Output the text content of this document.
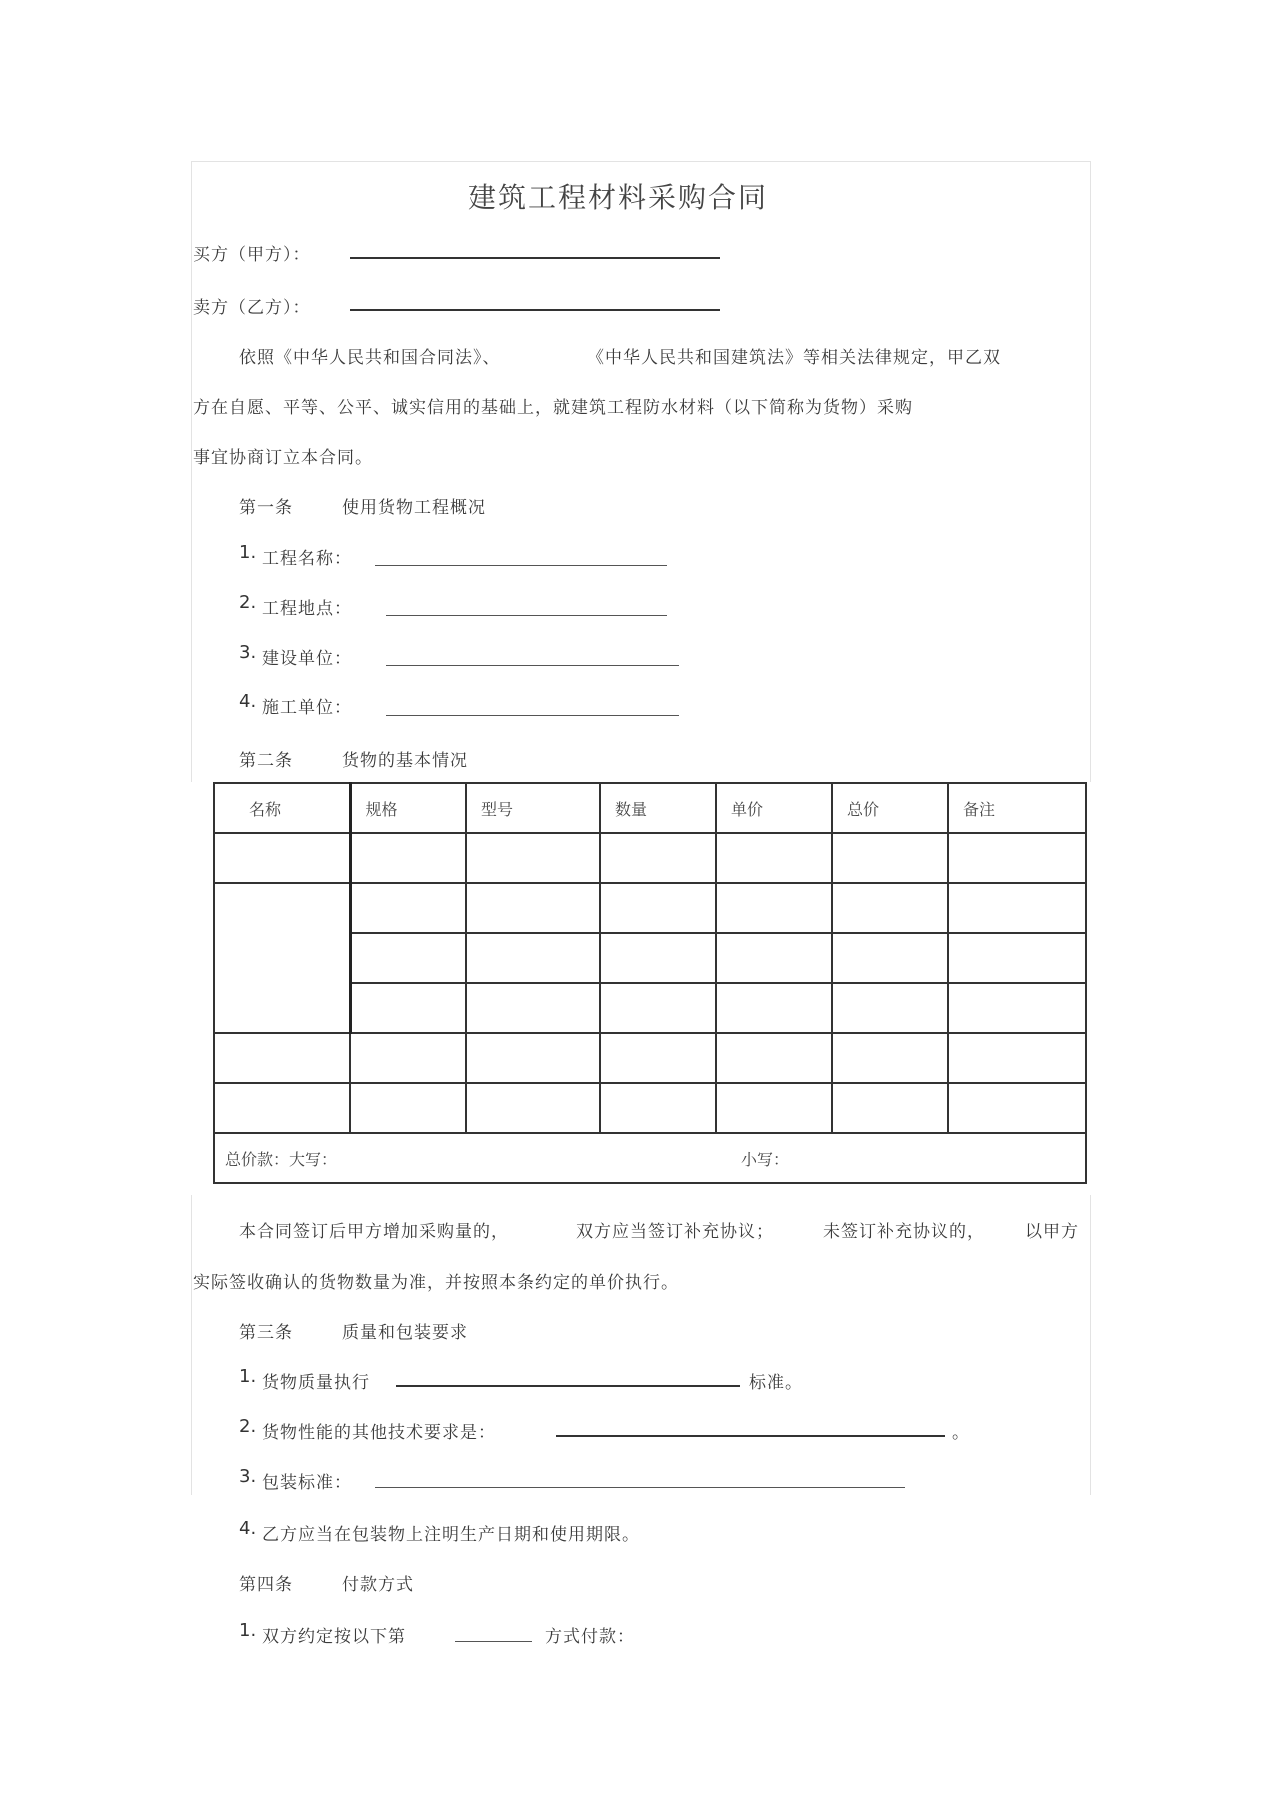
建筑工程材料采购合同
买方（甲方）：
卖方（乙方）：
依照《中华人民共和国合同法》、	《中华人民共和国建筑法》等相关法律规定，甲乙双
方在自愿、平等、公平、诚实信用的基础上，就建筑工程防水材料（以下简称为货物）采购
事宜协商订立本合同。
第一条	使用货物工程概况
1. 工程名称：
2. 工程地点：
3. 建设单位：
4. 施工单位：
第二条	货物的基本情况
名称	规格	型号	数量	单价	总价	备注

总价款：大写： 小写：						
本合同签订后甲方增加采购量的，	双方应当签订补充协议；	未签订补充协议的， 以甲方
实际签收确认的货物数量为准，并按照本条约定的单价执行。
第三条	质量和包装要求
1. 货物质量执行	标准。
2. 货物性能的其他技术要求是：	。
3. 包装标准：
4. 乙方应当在包装物上注明生产日期和使用期限。
第四条	付款方式
1. 双方约定按以下第	方式付款：
